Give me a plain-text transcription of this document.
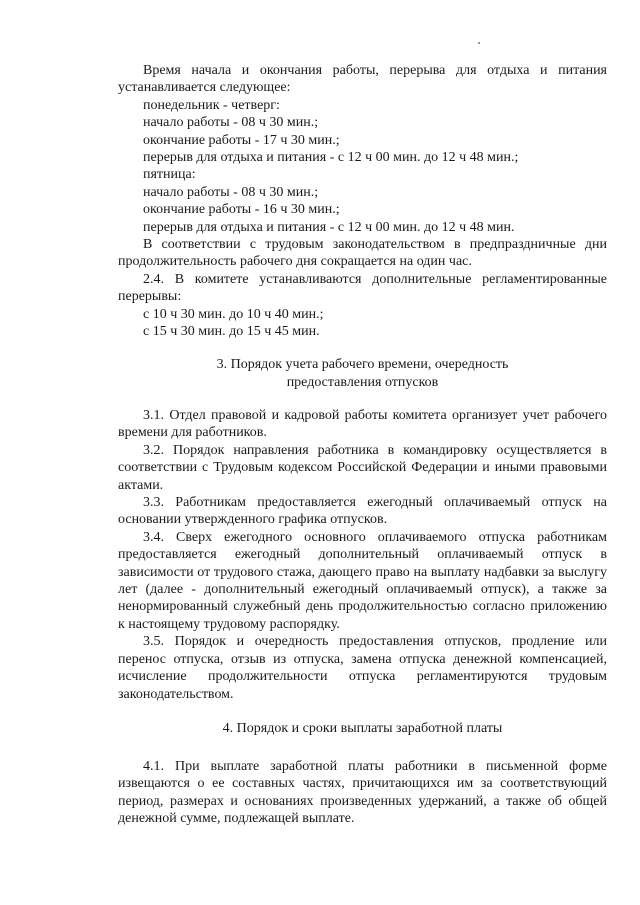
Время начала и окончания работы, перерыва для отдыха и питания устанавливается следующее:

понедельник - четверг:

начало работы - 08 ч 30 мин.;

окончание работы - 17 ч 30 мин.;

перерыв для отдыха и питания - с 12 ч 00 мин. до 12 ч 48 мин.;

пятница:

начало работы - 08 ч 30 мин.;

окончание работы - 16 ч 30 мин.;

перерыв для отдыха и питания - с 12 ч 00 мин. до 12 ч 48 мин.

В соответствии с трудовым законодательством в предпраздничные дни продолжительность рабочего дня сокращается на один час.

2.4. В комитете устанавливаются дополнительные регламентированные перерывы:

с 10 ч 30 мин. до 10 ч 40 мин.;

с 15 ч 30 мин. до 15 ч 45 мин.

3. Порядок учета рабочего времени, очередность

предоставления отпусков

3.1. Отдел правовой и кадровой работы комитета организует учет рабочего времени для работников.

3.2. Порядок направления работника в командировку осуществляется в соответствии с Трудовым кодексом Российской Федерации и иными правовыми актами.

3.3. Работникам предоставляется ежегодный оплачиваемый отпуск на основании утвержденного графика отпусков.

3.4. Сверх ежегодного основного оплачиваемого отпуска работникам предоставляется ежегодный дополнительный оплачиваемый отпуск в зависимости от трудового стажа, дающего право на выплату надбавки за выслугу лет (далее - дополнительный ежегодный оплачиваемый отпуск), а также за ненормированный служебный день продолжительностью согласно приложению к настоящему трудовому распорядку.

3.5. Порядок и очередность предоставления отпусков, продление или перенос отпуска, отзыв из отпуска, замена отпуска денежной компенсацией, исчисление продолжительности отпуска регламентируются трудовым законодательством.

4. Порядок и сроки выплаты заработной платы

4.1. При выплате заработной платы работники в письменной форме извещаются о ее составных частях, причитающихся им за соответствующий период, размерах и основаниях произведенных удержаний, а также об общей денежной сумме, подлежащей выплате.
